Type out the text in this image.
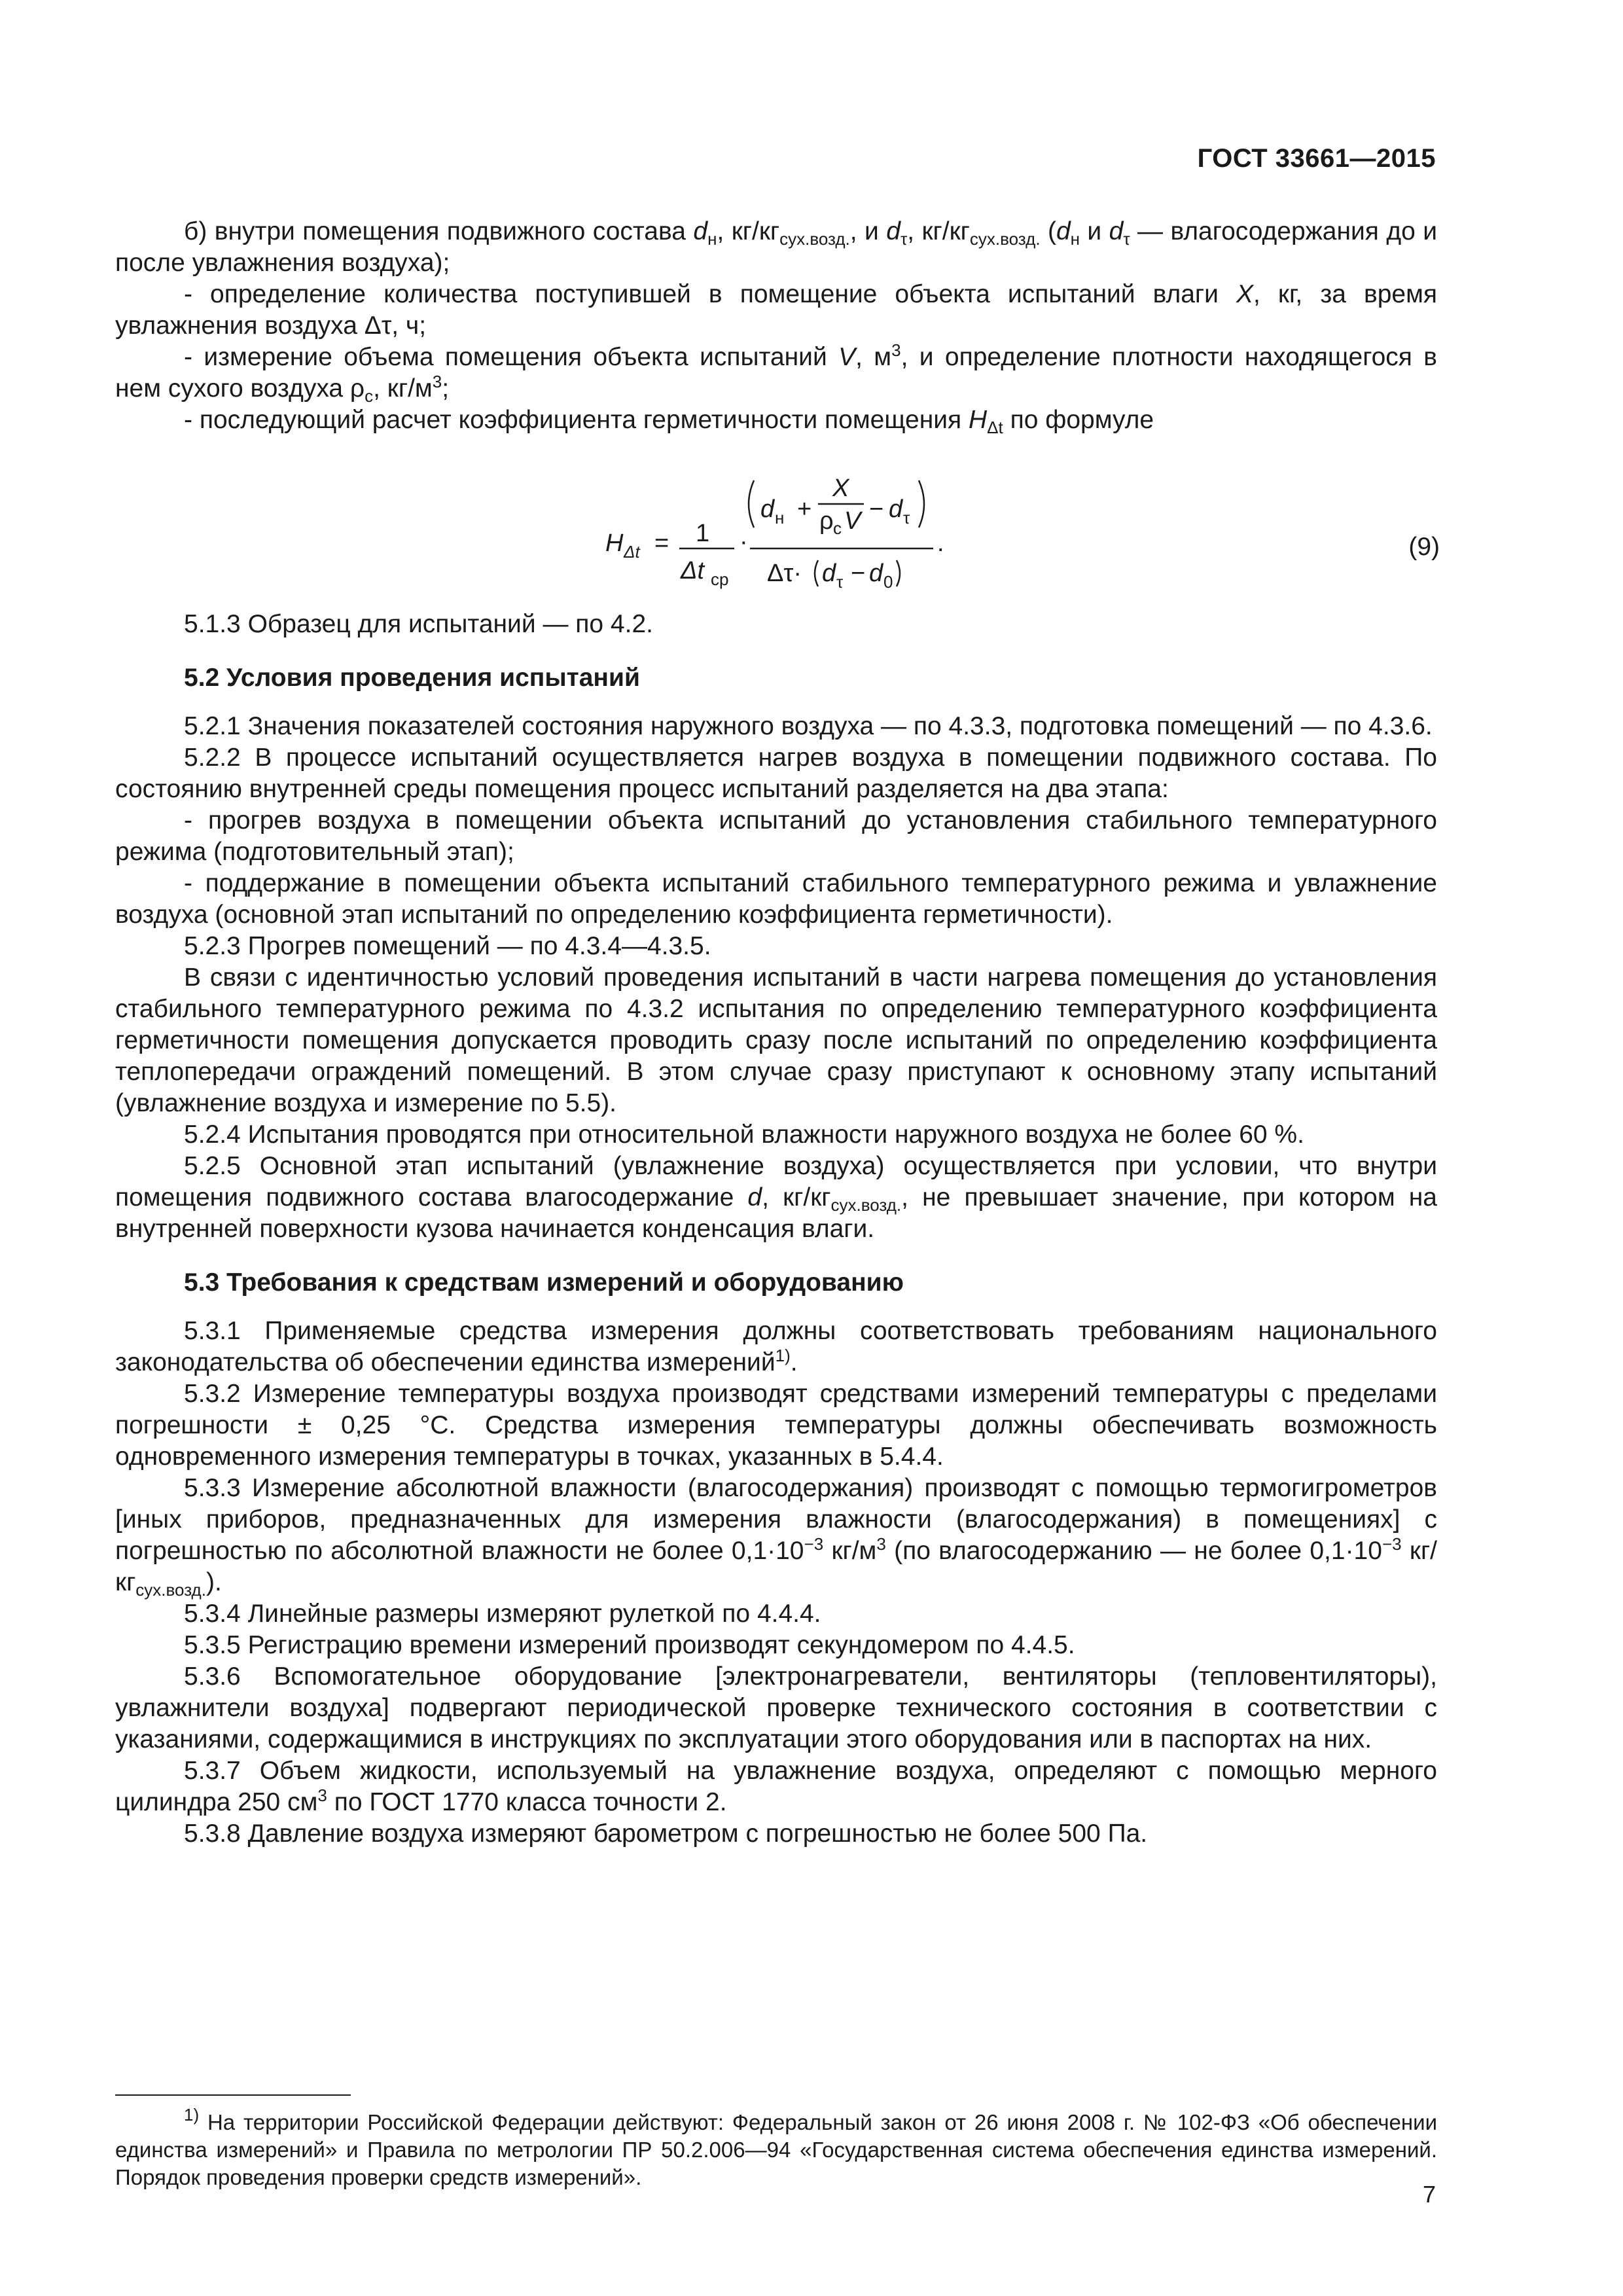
ГОСТ 33661—2015

б) внутри помещения подвижного состава $d_н$, $кг/кг_{сух.возд.}$, и $d_\tau$, $кг/кг_{сух.возд.}$ ($d_н$ и $d_\tau$ — влагосодержания до и после увлажнения воздуха);

- определение количества поступившей в помещение объекта испытаний влаги X, кг, за время увлажнения воздуха Δτ, ч;

- измерение объема помещения объекта испытаний V, $м^3$, и определение плотности находящегося в нем сухого воздуха $\rho_с$, $кг/м^3$;

- последующий расчет коэффициента герметичности помещения $H_{\Delta t}$ по формуле

H Δt = 1
Δt ср
·
d н +
X
ρ с V − d τ
Δτ· d τ − d 0
.	(9)

5.1.3 Образец для испытаний — по 4.2.

5.2 Условия проведения испытаний

5.2.1 Значения показателей состояния наружного воздуха — по 4.3.3, подготовка помещений — по 4.3.6.

5.2.2 В процессе испытаний осуществляется нагрев воздуха в помещении подвижного состава. По состоянию внутренней среды помещения процесс испытаний разделяется на два этапа:

- прогрев воздуха в помещении объекта испытаний до установления стабильного температурного режима (подготовительный этап);

- поддержание в помещении объекта испытаний стабильного температурного режима и увлажнение воздуха (основной этап испытаний по определению коэффициента герметичности).

5.2.3 Прогрев помещений — по 4.3.4—4.3.5.

В связи с идентичностью условий проведения испытаний в части нагрева помещения до установления стабильного температурного режима по 4.3.2 испытания по определению температурного коэффициента герметичности помещения допускается проводить сразу после испытаний по определению коэффициента теплопередачи ограждений помещений. В этом случае сразу приступают к основному этапу испытаний (увлажнение воздуха и измерение по 5.5).

5.2.4 Испытания проводятся при относительной влажности наружного воздуха не более 60 %.

5.2.5 Основной этап испытаний (увлажнение воздуха) осуществляется при условии, что внутри помещения подвижного состава влагосодержание d, $кг/кг_{сух.возд.}$, не превышает значение, при котором на внутренней поверхности кузова начинается конденсация влаги.

5.3 Требования к средствам измерений и оборудованию

5.3.1 Применяемые средства измерения должны соответствовать требованиям национального законодательства об обеспечении единства измерений$^{1)}$.

5.3.2 Измерение температуры воздуха производят средствами измерений температуры с пределами погрешности ± 0,25 °С. Средства измерения температуры должны обеспечивать возможность одновременного измерения температуры в точках, указанных в 5.4.4.

5.3.3 Измерение абсолютной влажности (влагосодержания) производят с помощью термогигрометров [иных приборов, предназначенных для измерения влажности (влагосодержания) в помещениях] с погрешностью по абсолютной влажности не более $0,1\cdot 10^{-3}$ $кг/м^3$ (по влагосодержанию — не более $0,1\cdot 10^{-3}$ $кг/кг_{сух.возд.}$).

5.3.4 Линейные размеры измеряют рулеткой по 4.4.4.

5.3.5 Регистрацию времени измерений производят секундомером по 4.4.5.

5.3.6 Вспомогательное оборудование [электронагреватели, вентиляторы (тепловентиляторы), увлажнители воздуха] подвергают периодической проверке технического состояния в соответствии с указаниями, содержащимися в инструкциях по эксплуатации этого оборудования или в паспортах на них.

5.3.7 Объем жидкости, используемый на увлажнение воздуха, определяют с помощью мерного цилиндра 250 $см^3$ по ГОСТ 1770 класса точности 2.

5.3.8 Давление воздуха измеряют барометром с погрешностью не более 500 Па.

$^{1)}$ На территории Российской Федерации действуют: Федеральный закон от 26 июня 2008 г. № 102-ФЗ «Об обеспечении единства измерений» и Правила по метрологии ПР 50.2.006—94 «Государственная система обеспечения единства измерений. Порядок проведения проверки средств измерений».

7
